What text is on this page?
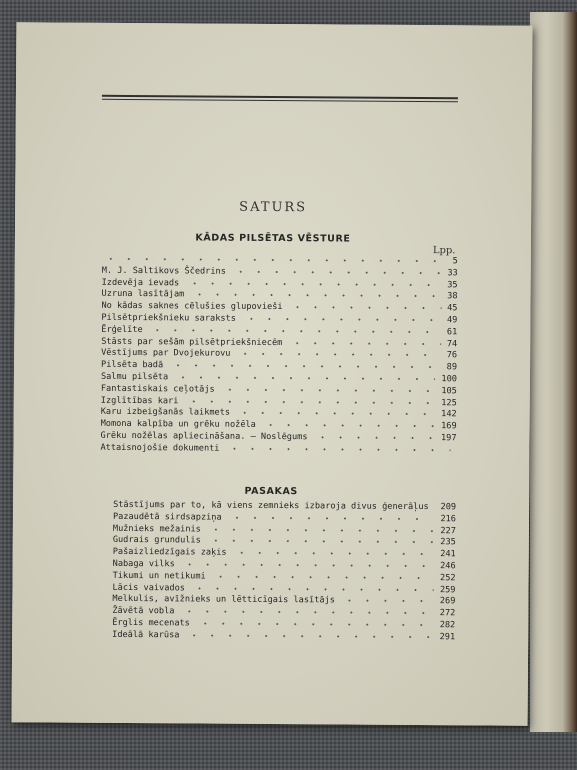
SATURS
KĀDAS PILSĒTAS VĒSTURE
Lpp.
5
M. J. Saltikovs Ščedrins	33
Izdevēja ievads	35
Uzruna lasītājam	38
No kādas saknes cēlušies glupovieši	45
Pilsētpriekšnieku saraksts	49
Ērģelīte	61
Stāsts par sešām pilsētpriekšniecēm	74
Vēstījums par Dvojekurovu	76
Pilsēta badā	89
Salmu pilsēta	100
Fantastiskais ceļotājs	105
Izglītības kari	125
Karu izbeigšanās laikmets	142
Momona kalpība un grēku nožēla	169
Grēku nožēlas apliecināšana. — Noslēgums	197
Attaisnojošie dokumenti
PASAKAS
Stāstījums par to, kā viens zemnieks izbaroja divus ģenerāļus 209
Pazaudētā sirdsapziņa	216
Mužnieks mežainis	227
Gudrais grundulis	235
Pašaizliedzīgais zaķis	241
Nabaga vilks	246
Tikumi un netikumi	252
Lācis vaivados	259
Melkulis, avīžnieks un lētticīgais lasītājs	269
Žāvētā vobla	272
Ērglis mecenats	282
Ideālā karūsa	291
